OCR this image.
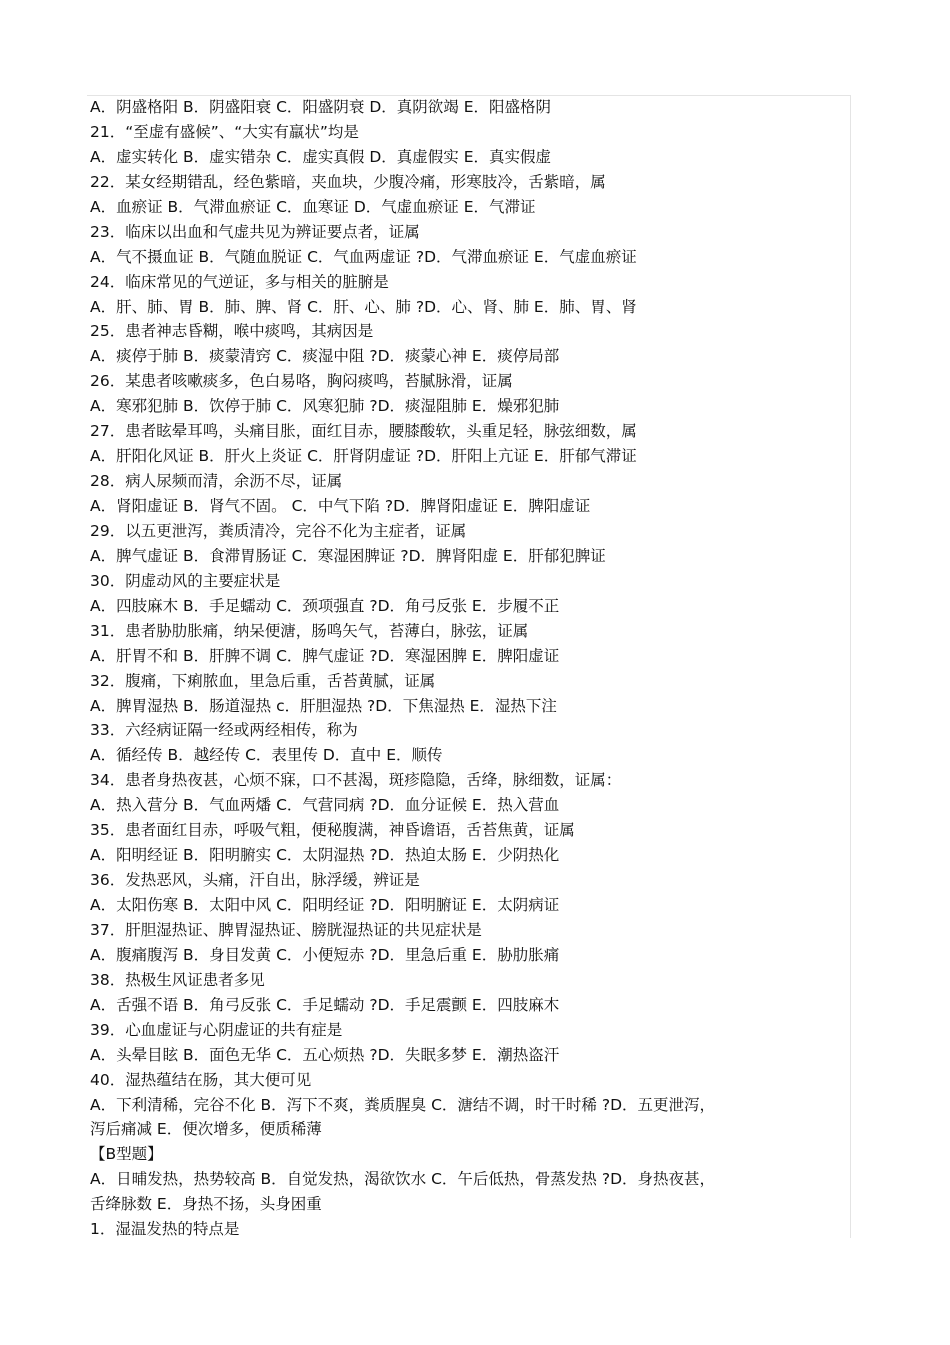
A．阴盛格阳 B．阴盛阳衰 C．阳盛阴衰 D．真阴欲竭 E．阳盛格阴
21．“至虚有盛候”、“大实有羸状”均是
A．虚实转化 B．虚实错杂 C．虚实真假 D．真虚假实 E．真实假虚
22．某女经期错乱，经色紫暗，夹血块，少腹冷痛，形寒肢冷，舌紫暗，属
A．血瘀证 B．气滞血瘀证 C．血寒证 D．气虚血瘀证 E．气滞证
23．临床以出血和气虚共见为辨证要点者，证属
A．气不摄血证 B．气随血脱证 C．气血两虚证 ?D．气滞血瘀证 E．气虚血瘀证
24．临床常见的气逆证，多与相关的脏腑是
A．肝、肺、胃 B．肺、脾、肾 C．肝、心、肺 ?D．心、肾、肺 E．肺、胃、肾
25．患者神志昏糊，喉中痰鸣，其病因是
A．痰停于肺 B．痰蒙清窍 C．痰湿中阻 ?D．痰蒙心神 E．痰停局部
26．某患者咳嗽痰多，色白易咯，胸闷痰鸣，苔腻脉滑，证属
A．寒邪犯肺 B．饮停于肺 C．风寒犯肺 ?D．痰湿阻肺 E．燥邪犯肺
27．患者眩晕耳鸣，头痛目胀，面红目赤，腰膝酸软，头重足轻，脉弦细数，属
A．肝阳化风证 B．肝火上炎证 C．肝肾阴虚证 ?D．肝阳上亢证 E．肝郁气滞证
28．病人尿频而清，余沥不尽，证属
A．肾阳虚证 B．肾气不固。 C．中气下陷 ?D．脾肾阳虚证 E．脾阳虚证
29．以五更泄泻，粪质清冷，完谷不化为主症者，证属
A．脾气虚证 B．食滞胃肠证 C．寒湿困脾证 ?D．脾肾阳虚 E．肝郁犯脾证
30．阴虚动风的主要症状是
A．四肢麻木 B．手足蠕动 C．颈项强直 ?D．角弓反张 E．步履不正
31．患者胁肋胀痛，纳呆便溏，肠鸣矢气，苔薄白，脉弦，证属
A．肝胃不和 B．肝脾不调 C．脾气虚证 ?D．寒湿困脾 E．脾阳虚证
32．腹痛，下痢脓血，里急后重，舌苔黄腻，证属
A．脾胃湿热 B．肠道湿热 c．肝胆湿热 ?D．下焦湿热 E．湿热下注
33．六经病证隔一经或两经相传，称为
A．循经传 B．越经传 C．表里传 D．直中 E．顺传
34．患者身热夜甚，心烦不寐，口不甚渴，斑疹隐隐，舌绛，脉细数，证属：
A．热入营分 B．气血两燔 C．气营同病 ?D．血分证候 E．热入营血
35．患者面红目赤，呼吸气粗，便秘腹满，神昏谵语，舌苔焦黄，证属
A．阳明经证 B．阳明腑实 C．太阴湿热 ?D．热迫太肠 E．少阴热化
36．发热恶风，头痛，汗自出，脉浮缓，辨证是
A．太阳伤寒 B．太阳中风 C．阳明经证 ?D．阳明腑证 E．太阴病证
37．肝胆湿热证、脾胃湿热证、膀胱湿热证的共见症状是
A．腹痛腹泻 B．身目发黄 C．小便短赤 ?D．里急后重 E．胁肋胀痛
38．热极生风证患者多见
A．舌强不语 B．角弓反张 C．手足蠕动 ?D．手足震颤 E．四肢麻木
39．心血虚证与心阴虚证的共有症是
A．头晕目眩 B．面色无华 C．五心烦热 ?D．失眠多梦 E．潮热盗汗
40．湿热蕴结在肠，其大便可见
A．下利清稀，完谷不化 B．泻下不爽，粪质腥臭 C．溏结不调，时干时稀 ?D．五更泄泻，
泻后痛减 E．便次增多，便质稀薄
【B型题】
A．日晡发热，热势较高 B．自觉发热，渴欲饮水 C．午后低热，骨蒸发热 ?D．身热夜甚，
舌绛脉数 E．身热不扬，头身困重
1．湿温发热的特点是
